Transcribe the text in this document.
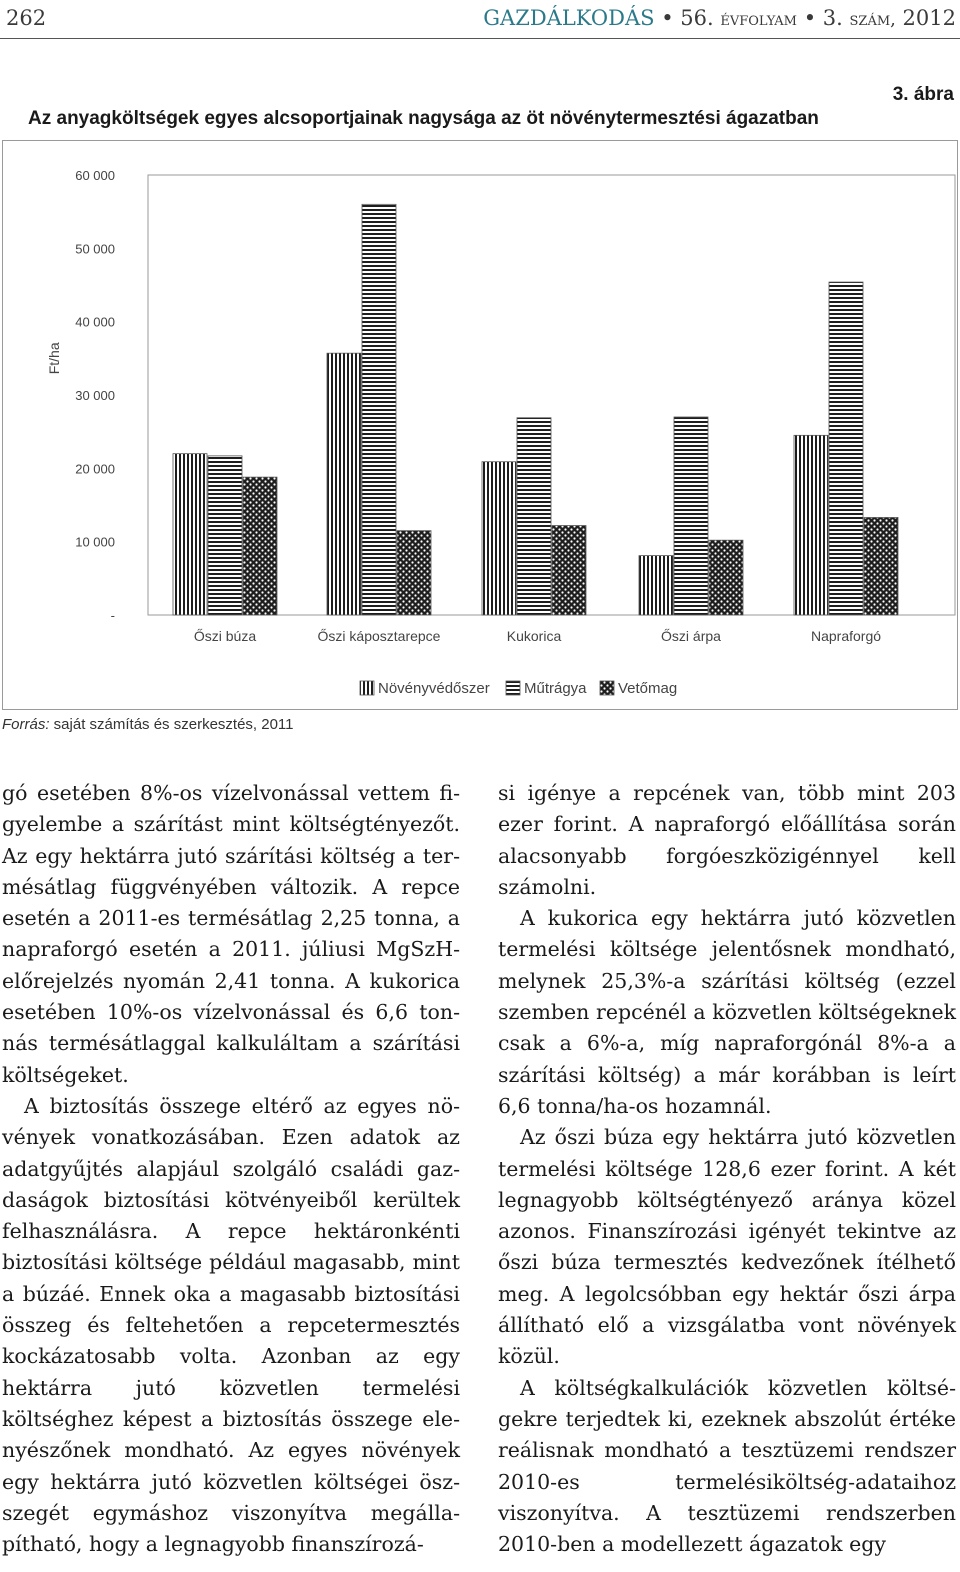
262	GAZDÁLKODÁS • 56. évfolyam • 3. szám, 2012
3. ábra
Az anyagköltségek egyes alcsoportjainak nagysága az öt növénytermesztési ágazatban
-
10 000
20 000
30 000
40 000
50 000
60 000
Ft/ha
Őszi búza	Őszi káposztarepce	Kukorica	Őszi árpa	Napraforgó
Növényvédőszer Műtrágya Vetőmag
Forrás: saját számítás és szerkesztés, 2011

gó esetében 8%-os vízelvonással vettem figyelembe a szárítást mint költségtényezőt. Az egy hektárra jutó szárítási költség a termésátlag függvényében változik. A repce esetén a 2011-es termésátlag 2,25 tonna, a napraforgó esetén a 2011. júliusi MgSzH-előrejelzés nyomán 2,41 tonna. A kukorica esetében 10%-os vízelvonással és 6,6 tonnás termésátlaggal kalkuláltam a szárítási költségeket.

A biztosítás összege eltérő az egyes növények vonatkozásában. Ezen adatok az adatgyűjtés alapjául szolgáló családi gazdaságok biztosítási kötvényeiből kerültek felhasználásra. A repce hektáronkénti biztosítási költsége például magasabb, mint a búzáé. Ennek oka a magasabb biztosítási összeg és feltehetően a repcetermesztés kockázatosabb volta. Azonban az egy hektárra jutó közvetlen termelési költséghez képest a biztosítás összege elenyészőnek mondható. Az egyes növények egy hektárra jutó közvetlen költségei öszszegét egymáshoz viszonyítva megállapítható, hogy a legnagyobb finanszírozá-

si igénye a repcének van, több mint 203 ezer forint. A napraforgó előállítása során alacsonyabb forgóeszközigénnyel kell számolni.

A kukorica egy hektárra jutó közvetlen termelési költsége jelentősnek mondható, melynek 25,3%-a szárítási költség (ezzel szemben repcénél a közvetlen költségeknek csak a 6%-a, míg napraforgónál 8%-a a szárítási költség) a már korábban is leírt 6,6 tonna/ha-os hozamnál.

Az őszi búza egy hektárra jutó közvetlen termelési költsége 128,6 ezer forint. A két legnagyobb költségtényező aránya közel azonos. Finanszírozási igényét tekintve az őszi búza termesztés kedvezőnek ítélhető meg. A legolcsóbban egy hektár őszi árpa állítható elő a vizsgálatba vont növények közül.

A költségkalkulációk közvetlen költségekre terjedtek ki, ezeknek abszolút értéke reálisnak mondható a tesztüzemi rendszer 2010-es termelésiköltség-adataihoz viszonyítva. A tesztüzemi rendszerben 2010-ben a modellezett ágazatok egy
